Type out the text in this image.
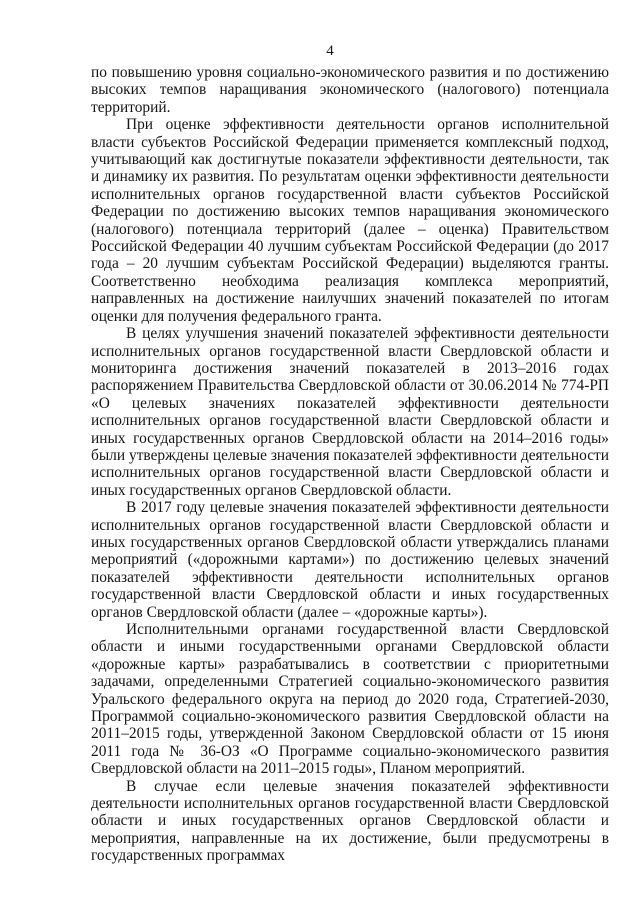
4

по повышению уровня социально-экономического развития и по достижению высоких темпов наращивания экономического (налогового) потенциала территорий.

При оценке эффективности деятельности органов исполнительной власти субъектов Российской Федерации применяется комплексный подход, учитывающий как достигнутые показатели эффективности деятельности, так и динамику их развития. По результатам оценки эффективности деятельности исполнительных органов государственной власти субъектов Российской Федерации по достижению высоких темпов наращивания экономического (налогового) потенциала территорий (далее – оценка) Правительством Российской Федерации 40 лучшим субъектам Российской Федерации (до 2017 года – 20 лучшим субъектам Российской Федерации) выделяются гранты. Соответственно необходима реализация комплекса мероприятий, направленных на достижение наилучших значений показателей по итогам оценки для получения федерального гранта.

В целях улучшения значений показателей эффективности деятельности исполнительных органов государственной власти Свердловской области и мониторинга достижения значений показателей в 2013–2016 годах распоряжением Правительства Свердловской области от 30.06.2014 № 774-РП «О целевых значениях показателей эффективности деятельности исполнительных органов государственной власти Свердловской области и иных государственных органов Свердловской области на 2014–2016 годы» были утверждены целевые значения показателей эффективности деятельности исполнительных органов государственной власти Свердловской области и иных государственных органов Свердловской области.

В 2017 году целевые значения показателей эффективности деятельности исполнительных органов государственной власти Свердловской области и иных государственных органов Свердловской области утверждались планами мероприятий («дорожными картами») по достижению целевых значений показателей эффективности деятельности исполнительных органов государственной власти Свердловской области и иных государственных органов Свердловской области (далее – «дорожные карты»).

Исполнительными органами государственной власти Свердловской области и иными государственными органами Свердловской области «дорожные карты» разрабатывались в соответствии с приоритетными задачами, определенными Стратегией социально-экономического развития Уральского федерального округа на период до 2020 года, Стратегией-2030, Программой социально-экономического развития Свердловской области на 2011–2015 годы, утвержденной Законом Свердловской области от 15 июня 2011 года № 36-ОЗ «О Программе социально-экономического развития Свердловской области на 2011–2015 годы», Планом мероприятий.

В случае если целевые значения показателей эффективности деятельности исполнительных органов государственной власти Свердловской области и иных государственных органов Свердловской области и мероприятия, направленные на их достижение, были предусмотрены в государственных программах
